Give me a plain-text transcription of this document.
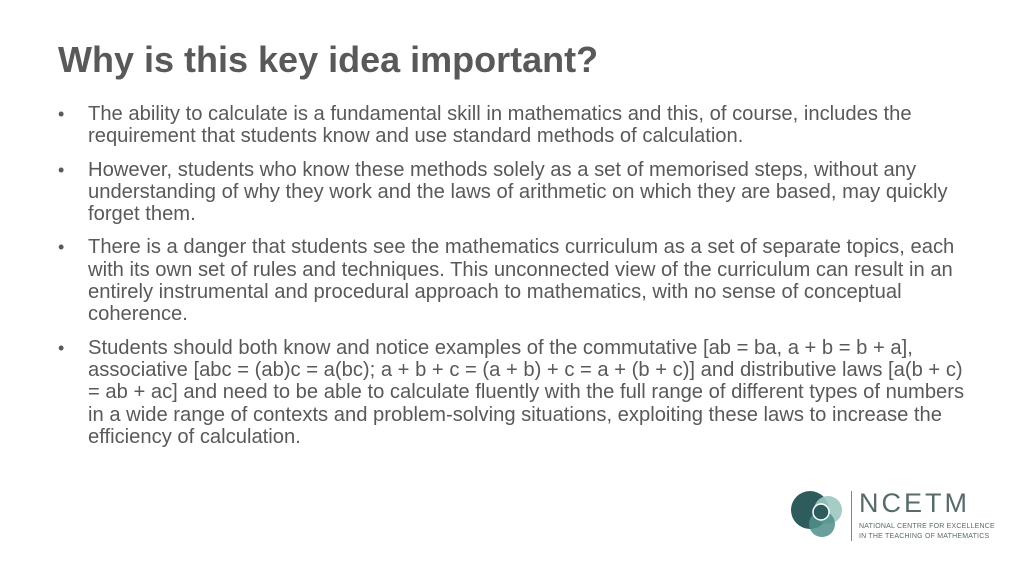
Why is this key idea important?
• The ability to calculate is a fundamental skill in mathematics and this, of course, includes the requirement that students know and use standard methods of calculation.
• However, students who know these methods solely as a set of memorised steps, without any understanding of why they work and the laws of arithmetic on which they are based, may quickly forget them.
• There is a danger that students see the mathematics curriculum as a set of separate topics, each with its own set of rules and techniques. This unconnected view of the curriculum can result in an entirely instrumental and procedural approach to mathematics, with no sense of conceptual coherence.
• Students should both know and notice examples of the commutative [ab = ba, a + b = b + a], associative [abc = (ab)c = a(bc); a + b + c = (a + b) + c = a + (b + c)] and distributive laws [a(b + c) = ab + ac] and need to be able to calculate fluently with the full range of different types of numbers in a wide range of contexts and problem-solving situations, exploiting these laws to increase the efficiency of calculation.
NCETM
NATIONAL CENTRE FOR EXCELLENCE
IN THE TEACHING OF MATHEMATICS
